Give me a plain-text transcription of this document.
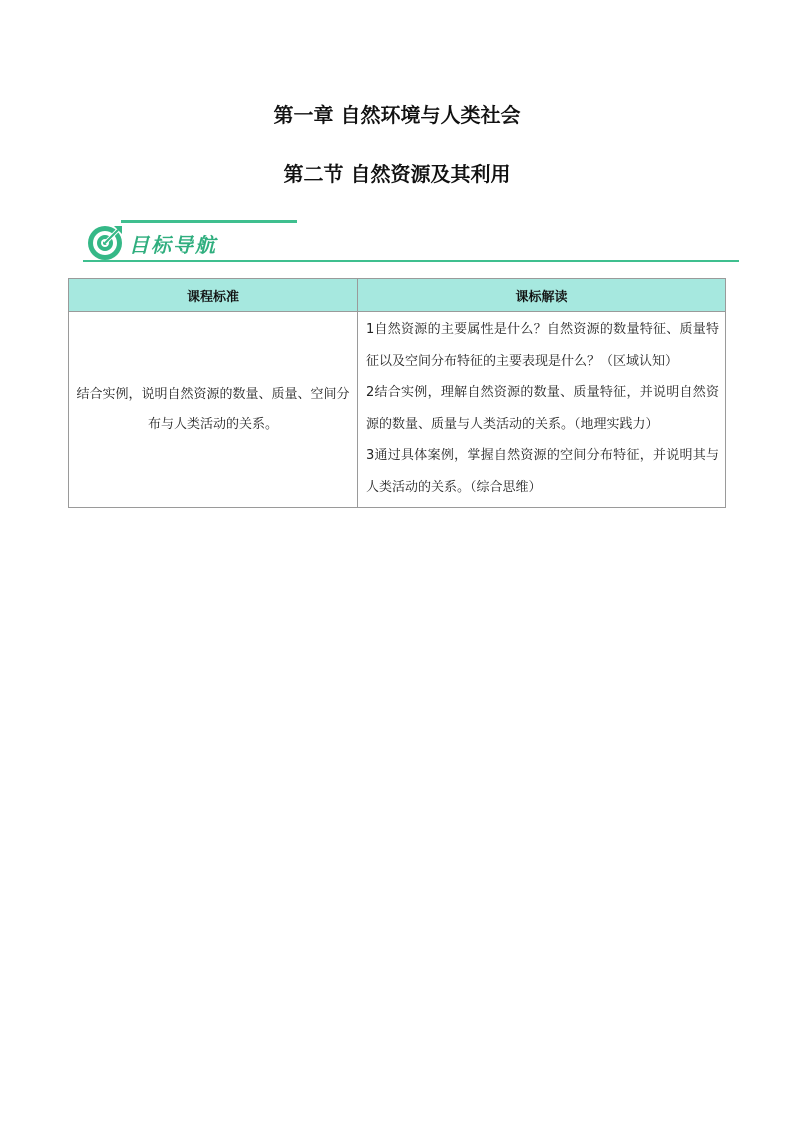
第一章 自然环境与人类社会
第二节 自然资源及其利用
目标导航
课程标准	课标解读
结合实例，说明自然资源的数量、质量、空间分布与人类活动的关系。	1自然资源的主要属性是什么？自然资源的数量特征、质量特征以及空间分布特征的主要表现是什么？（区域认知）
2结合实例，理解自然资源的数量、质量特征，并说明自然资源的数量、质量与人类活动的关系。（地理实践力）
3通过具体案例，掌握自然资源的空间分布特征，并说明其与人类活动的关系。（综合思维）
